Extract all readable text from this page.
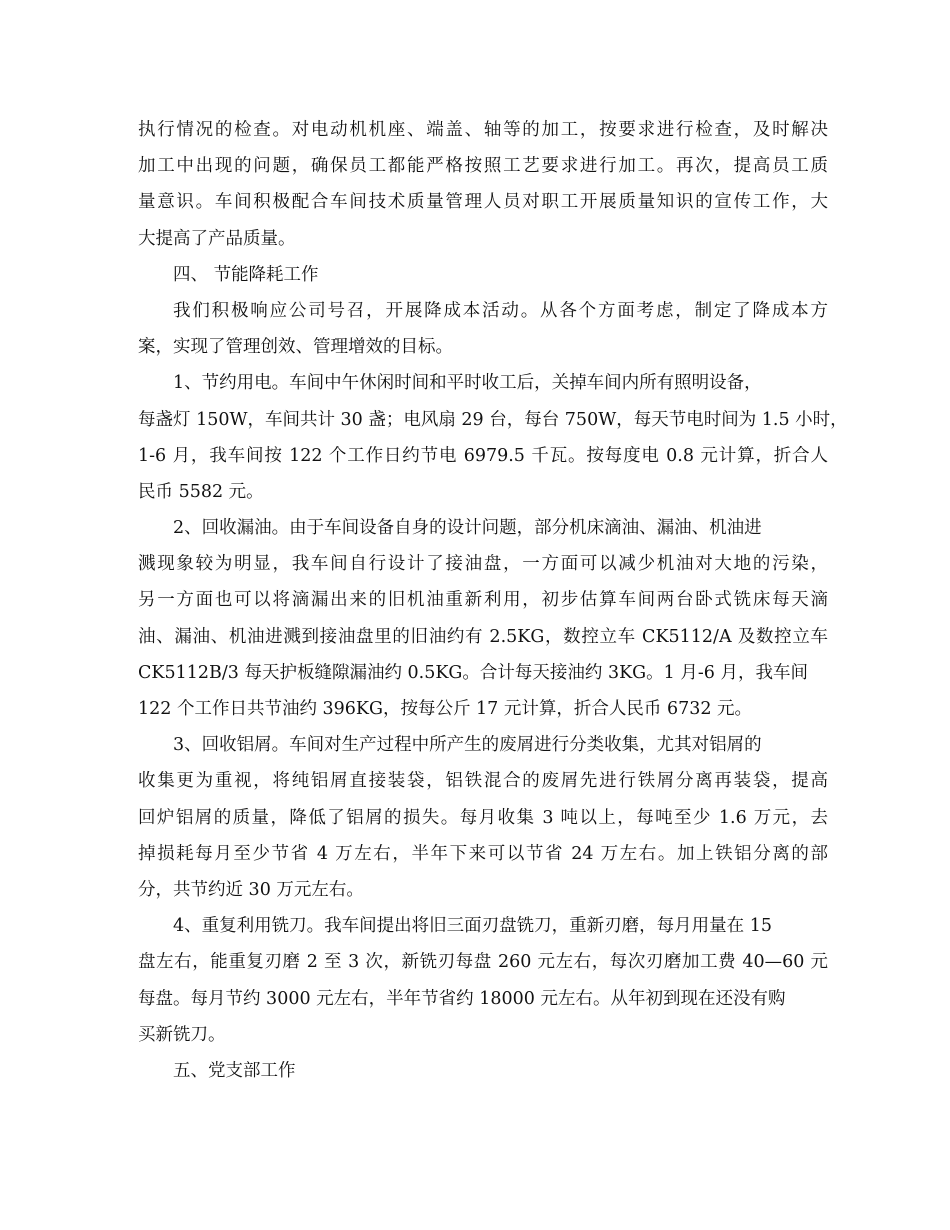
执行情况的检查。对电动机机座、端盖、轴等的加工，按要求进行检查，及时解决
加工中出现的问题，确保员工都能严格按照工艺要求进行加工。再次，提高员工质
量意识。车间积极配合车间技术质量管理人员对职工开展质量知识的宣传工作，大
大提高了产品质量。
四、 节能降耗工作
我们积极响应公司号召，开展降成本活动。从各个方面考虑，制定了降成本方
案，实现了管理创效、管理增效的目标。
1、节约用电。车间中午休闲时间和平时收工后，关掉车间内所有照明设备，
每盏灯 150W，车间共计 30 盏；电风扇 29 台，每台 750W，每天节电时间为 1.5 小时，
1-6 月，我车间按 122 个工作日约节电 6979.5 千瓦。按每度电 0.8 元计算，折合人
民币 5582 元。
2、回收漏油。由于车间设备自身的设计问题，部分机床滴油、漏油、机油进
溅现象较为明显，我车间自行设计了接油盘，一方面可以减少机油对大地的污染，
另一方面也可以将滴漏出来的旧机油重新利用，初步估算车间两台卧式铣床每天滴
油、漏油、机油进溅到接油盘里的旧油约有 2.5KG，数控立车 CK5112/A 及数控立车
CK5112B/3 每天护板缝隙漏油约 0.5KG。合计每天接油约 3KG。1 月-6 月，我车间
122 个工作日共节油约 396KG，按每公斤 17 元计算，折合人民币 6732 元。
3、回收铝屑。车间对生产过程中所产生的废屑进行分类收集，尤其对铝屑的
收集更为重视，将纯铝屑直接装袋，铝铁混合的废屑先进行铁屑分离再装袋，提高
回炉铝屑的质量，降低了铝屑的损失。每月收集 3 吨以上，每吨至少 1.6 万元，去
掉损耗每月至少节省 4 万左右，半年下来可以节省 24 万左右。加上铁铝分离的部
分，共节约近 30 万元左右。
4、重复利用铣刀。我车间提出将旧三面刃盘铣刀，重新刃磨，每月用量在 15
盘左右，能重复刃磨 2 至 3 次，新铣刃每盘 260 元左右，每次刃磨加工费 40—60 元
每盘。每月节约 3000 元左右，半年节省约 18000 元左右。从年初到现在还没有购
买新铣刀。
五、党支部工作
